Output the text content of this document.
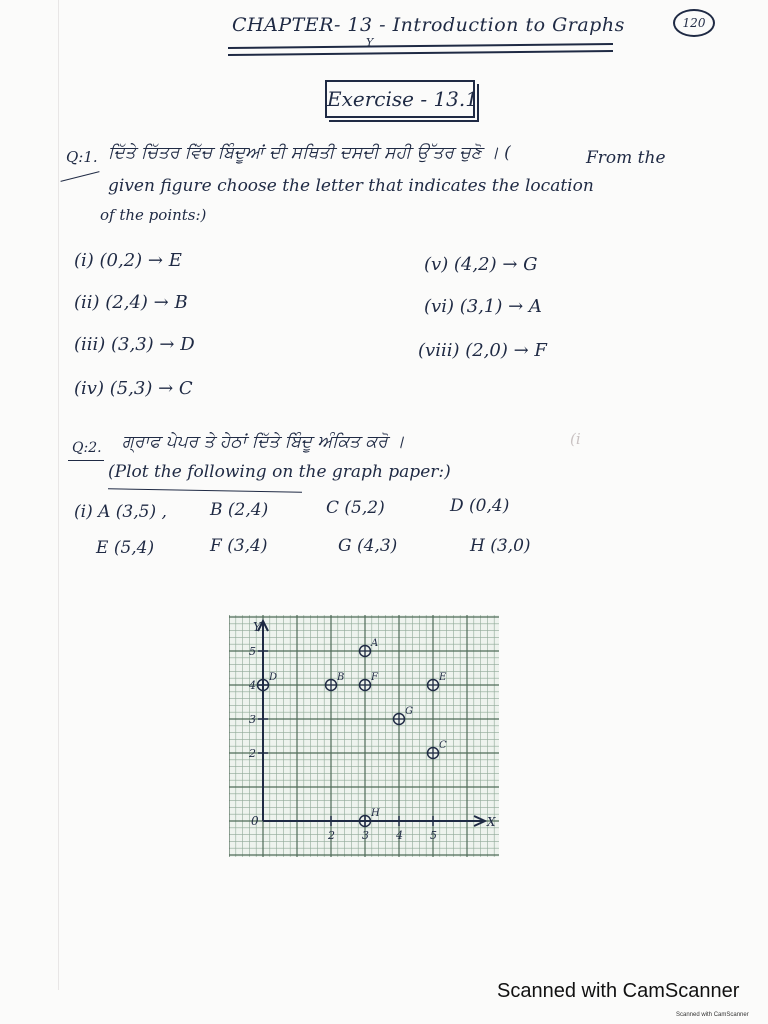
CHAPTER- 13 - Introduction to Graphs
Y
120
Exercise - 13.1
Q:1. ਦਿੱਤੇ ਚਿੱਤਰ ਵਿੱਚ ਬਿੰਦੂਆਂ ਦੀ ਸਥਿਤੀ ਦਸਦੀ ਸਹੀ ਉੱਤਰ ਚੁਣੋ । (	From the
given figure choose the letter that indicates the location
of the points:)
(i) (0,2) → E
(ii) (2,4) → B
(iii) (3,3) → D
(iv) (5,3) → C
(v) (4,2) → G
(vi) (3,1) → A
(viii) (2,0) → F
Q:2. ਗ੍ਰਾਫ ਪੇਪਰ ਤੇ ਹੇਠਾਂ ਦਿੱਤੇ ਬਿੰਦੂ ਅੰਕਿਤ ਕਰੋ ।	(i
(Plot the following on the graph paper:)
(i) A (3,5) ,	B (2,4)	C (5,2)	D (0,4)
E (5,4)	F (3,4)	G (4,3)	H (3,0)
X
Y
0
2 3 4 5
2
3
4
5
A
B
C
D	E
F
G
H
Scanned with CamScanner
Scanned with CamScanner
